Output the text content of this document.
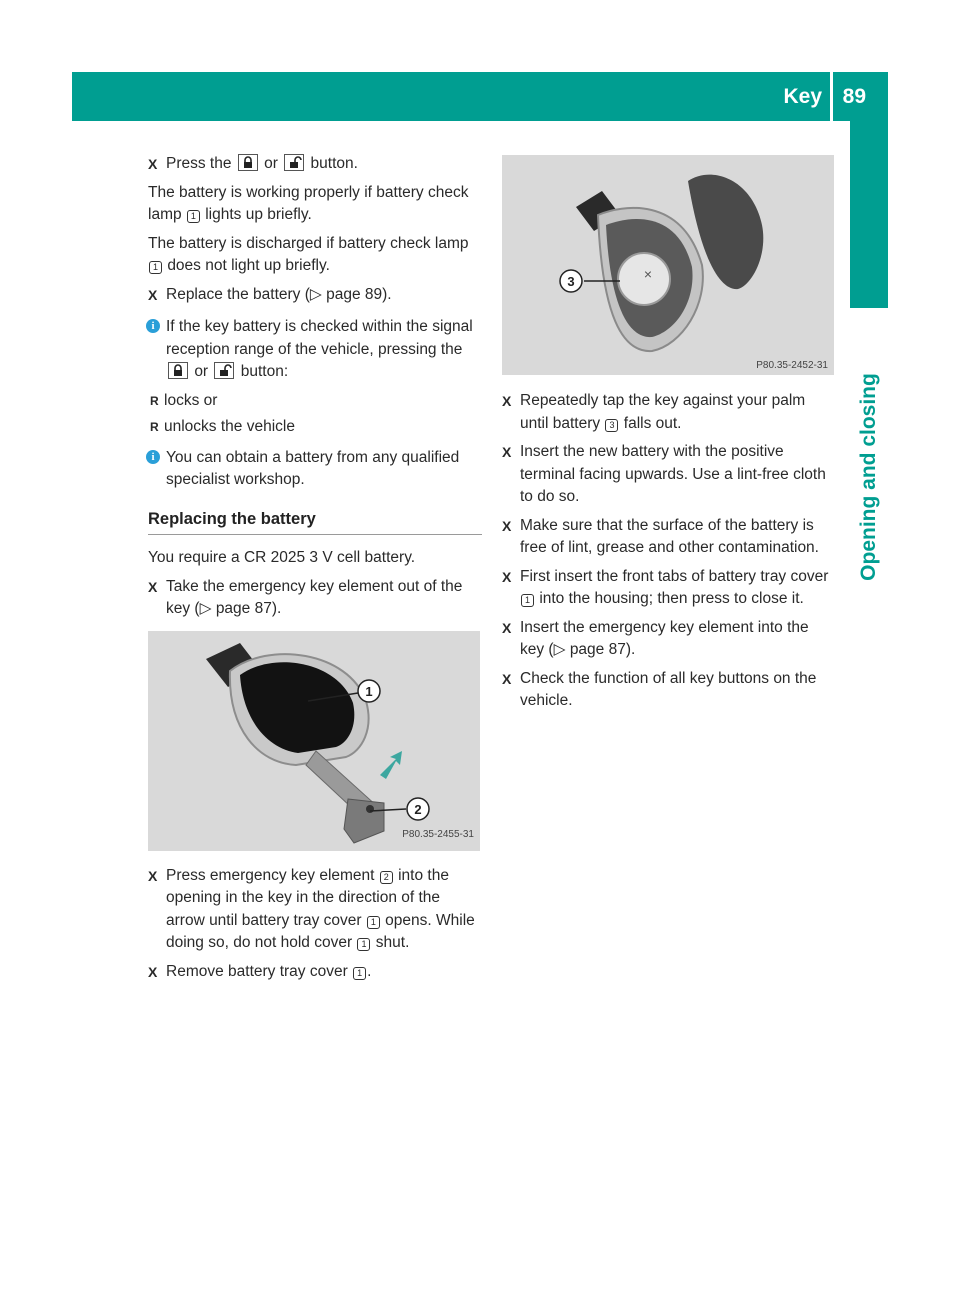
Key 89
Opening and closing
X Press the or button.
The battery is working properly if battery check lamp 1 lights up briefly.
The battery is discharged if battery check lamp 1 does not light up briefly.
X Replace the battery (▷ page 89).
i If the key battery is checked within the signal reception range of the vehicle, pressing the
or button:
R locks or
R unlocks the vehicle
i You can obtain a battery from any qualified specialist workshop.
Replacing the battery
You require a CR 2025 3 V cell battery.
X Take the emergency key element out of the key (▷ page 87).
1
2
P80.35-2455-31
X Press emergency key element 2 into the opening in the key in the direction of the arrow until battery tray cover 1 opens. While doing so, do not hold cover 1 shut.
X Remove battery tray cover 1 .
×
3
P80.35-2452-31
X Repeatedly tap the key against your palm until battery 3 falls out.
X Insert the new battery with the positive terminal facing upwards. Use a lint-free cloth to do so.
X Make sure that the surface of the battery is free of lint, grease and other contamination.
X First insert the front tabs of battery tray cover 1 into the housing; then press to close it.
X Insert the emergency key element into the key (▷ page 87).
X Check the function of all key buttons on the vehicle.
